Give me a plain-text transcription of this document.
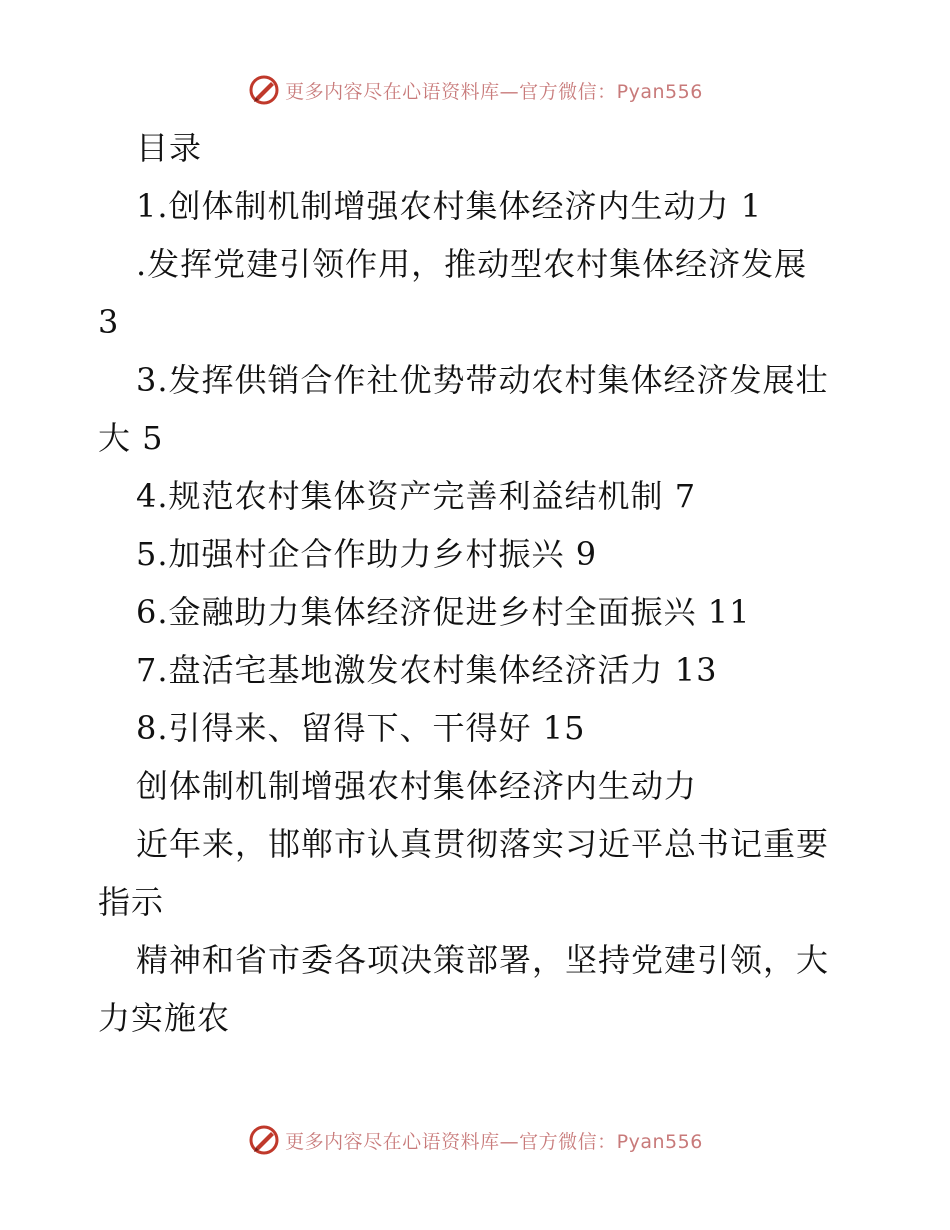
更多内容尽在心语资料库—官方微信：Pyan556
目录
1.创体制机制增强农村集体经济内生动力 1
.发挥党建引领作用，推动型农村集体经济发展
3
3.发挥供销合作社优势带动农村集体经济发展壮
大 5
4.规范农村集体资产完善利益结机制 7
5.加强村企合作助力乡村振兴 9
6.金融助力集体经济促进乡村全面振兴 11
7.盘活宅基地激发农村集体经济活力 13
8.引得来、留得下、干得好 15
创体制机制增强农村集体经济内生动力
近年来，邯郸市认真贯彻落实习近平总书记重要
指示
精神和省市委各项决策部署，坚持党建引领，大
力实施农
更多内容尽在心语资料库—官方微信：Pyan556
